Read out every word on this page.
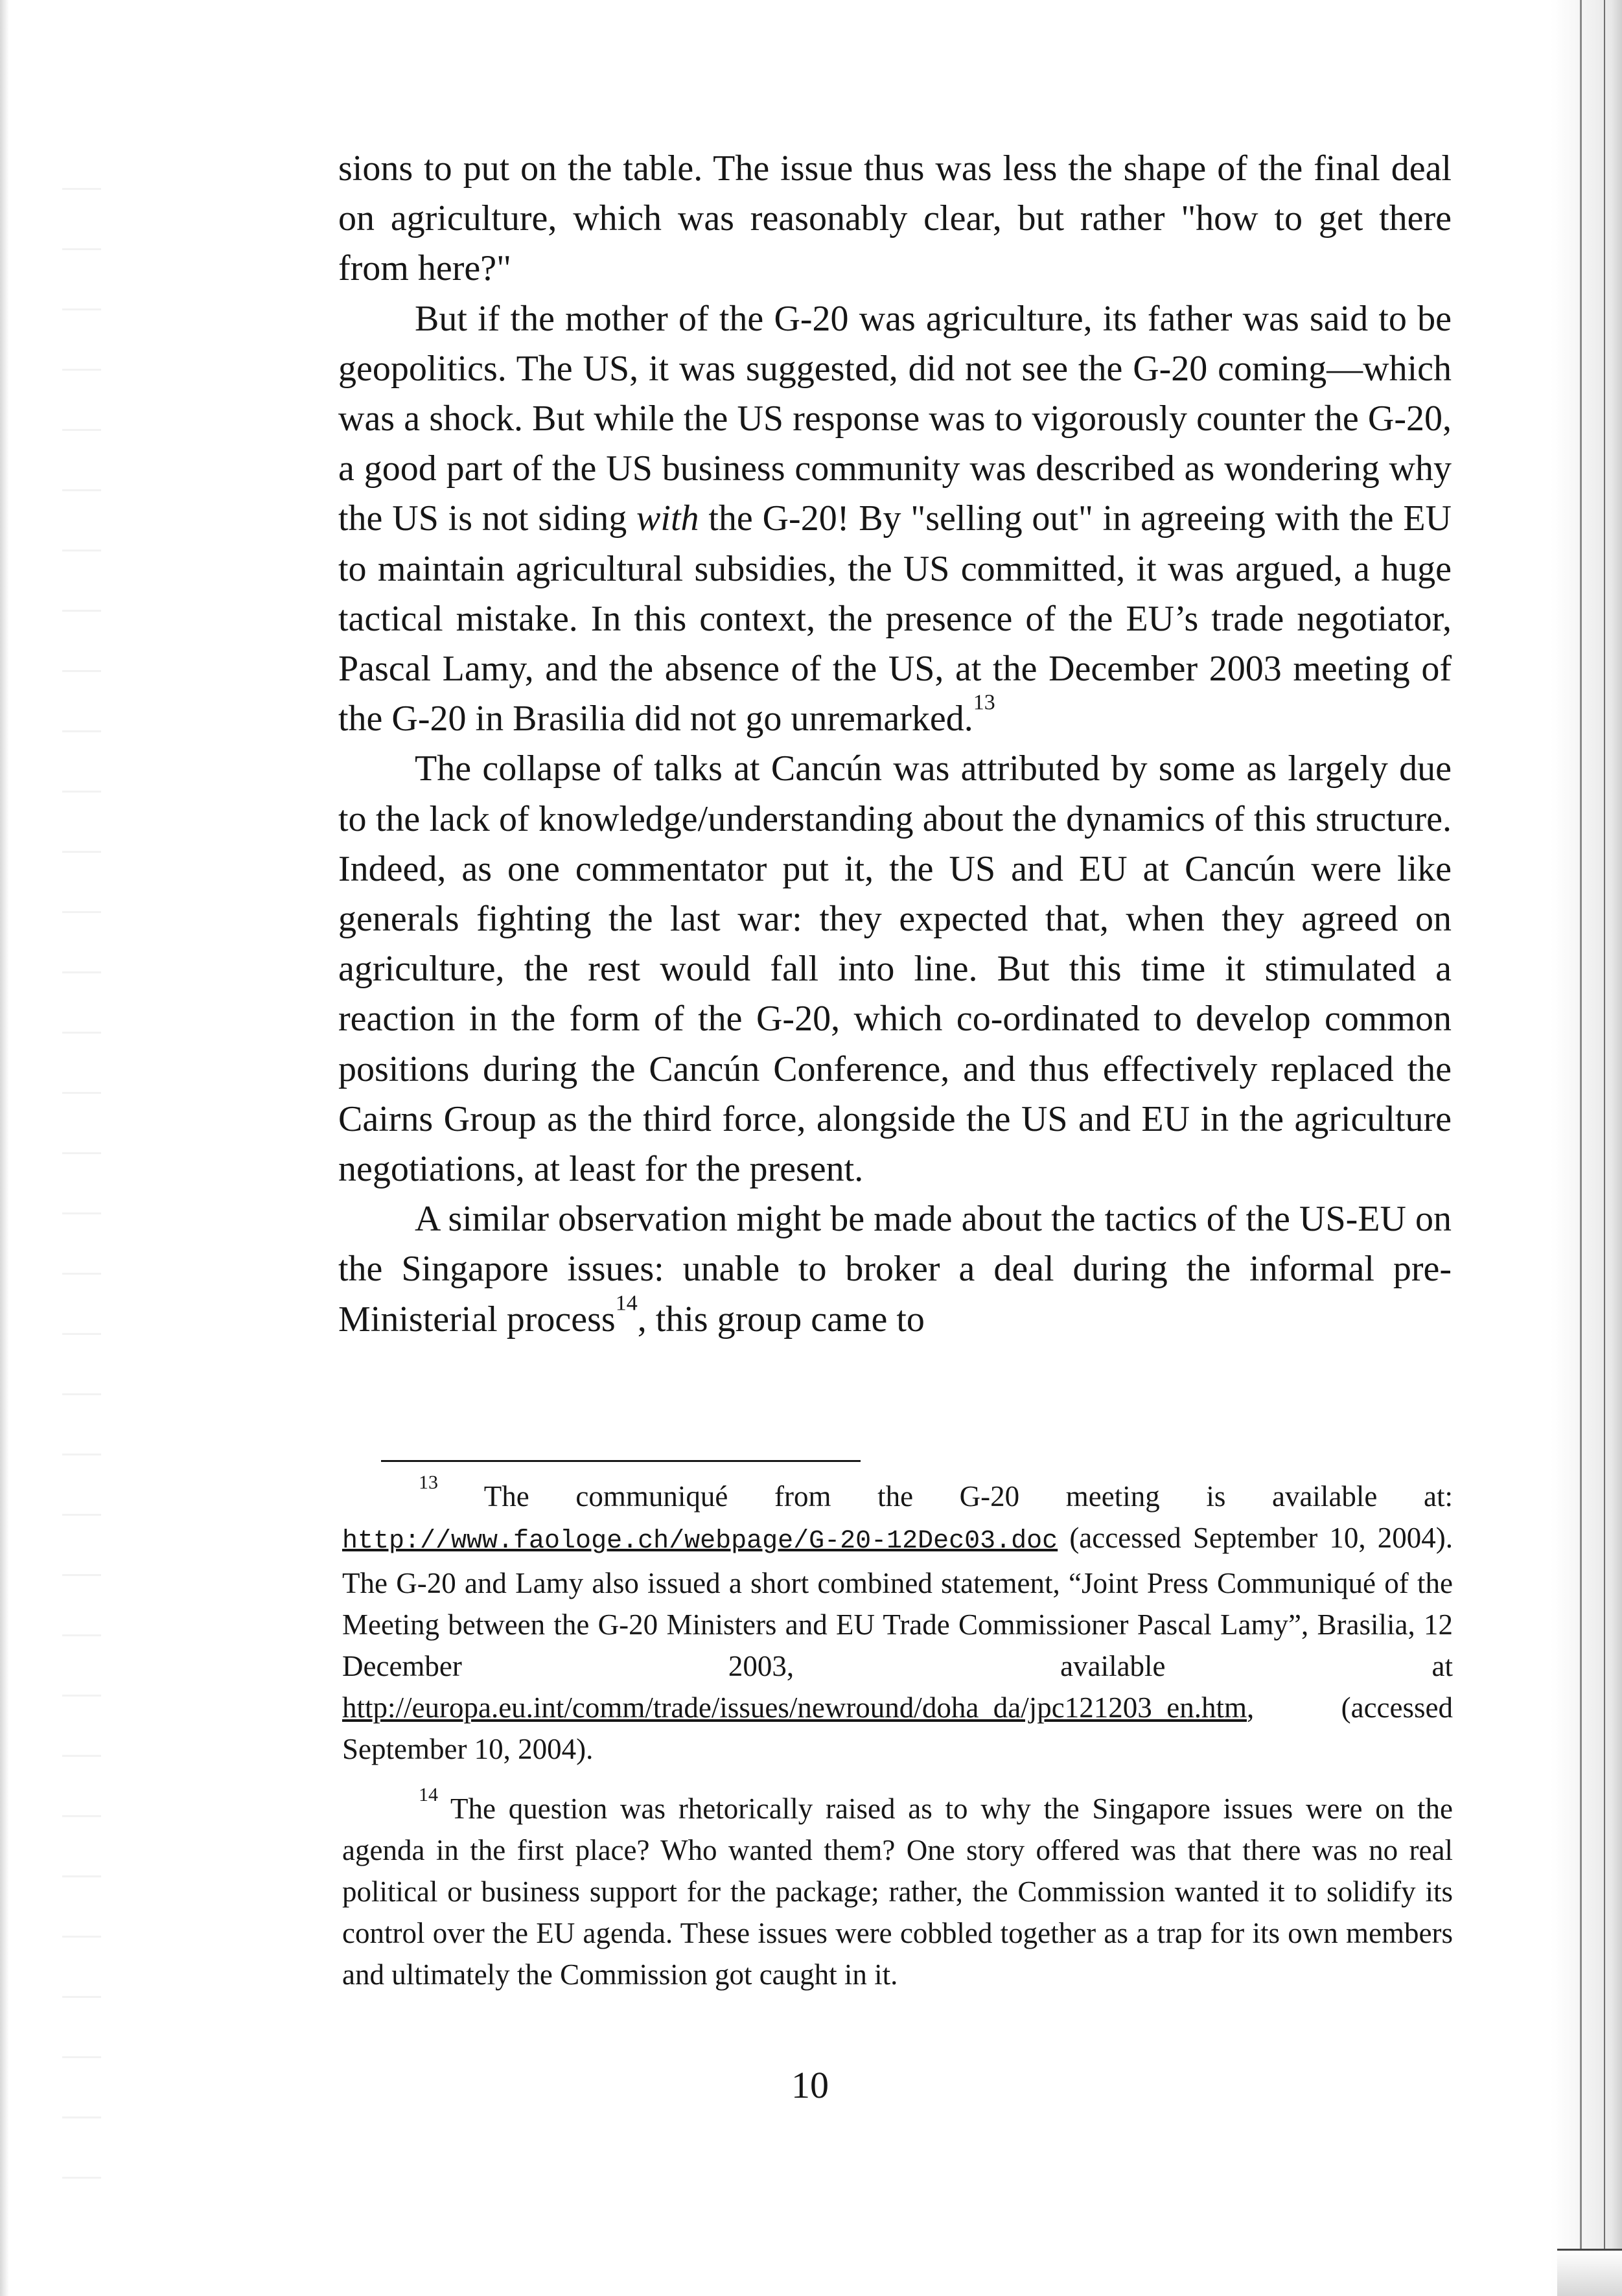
sions to put on the table. The issue thus was less the shape of the final deal on agriculture, which was reasonably clear, but rather "how to get there from here?"

But if the mother of the G-20 was agriculture, its father was said to be geopolitics. The US, it was suggested, did not see the G-20 coming—which was a shock. But while the US response was to vigorously counter the G-20, a good part of the US business community was described as wondering why the US is not siding with the G-20! By "selling out" in agreeing with the EU to maintain agricultural subsidies, the US committed, it was argued, a huge tactical mistake. In this context, the presence of the EU’s trade negotiator, Pascal Lamy, and the absence of the US, at the December 2003 meeting of the G-20 in Brasilia did not go unremarked.$^{13}$

The collapse of talks at Cancún was attributed by some as largely due to the lack of knowledge/understanding about the dynamics of this structure. Indeed, as one commentator put it, the US and EU at Cancún were like generals fighting the last war: they expected that, when they agreed on agriculture, the rest would fall into line. But this time it stimulated a reaction in the form of the G-20, which co-ordinated to develop common positions during the Cancún Conference, and thus effectively replaced the Cairns Group as the third force, alongside the US and EU in the agriculture negotiations, at least for the present.

A similar observation might be made about the tactics of the US-EU on the Singapore issues: unable to broker a deal during the informal pre-Ministerial process$^{14}$, this group came to

$^{13}$ The communiqué from the G-20 meeting is available at: http://www.faologe.ch/webpage/G-20-12Dec03.doc (accessed September 10, 2004). The G-20 and Lamy also issued a short combined statement, “Joint Press Communiqué of the Meeting between the G-20 Ministers and EU Trade Commissioner Pascal Lamy”, Brasilia, 12 December 2003, available at http://europa.eu.int/comm/trade/issues/newround/doha_da/jpc121203_en.htm, (accessed September 10, 2004).

$^{14}$ The question was rhetorically raised as to why the Singapore issues were on the agenda in the first place? Who wanted them? One story offered was that there was no real political or business support for the package; rather, the Commission wanted it to solidify its control over the EU agenda. These issues were cobbled together as a trap for its own members and ultimately the Commission got caught in it.

10
